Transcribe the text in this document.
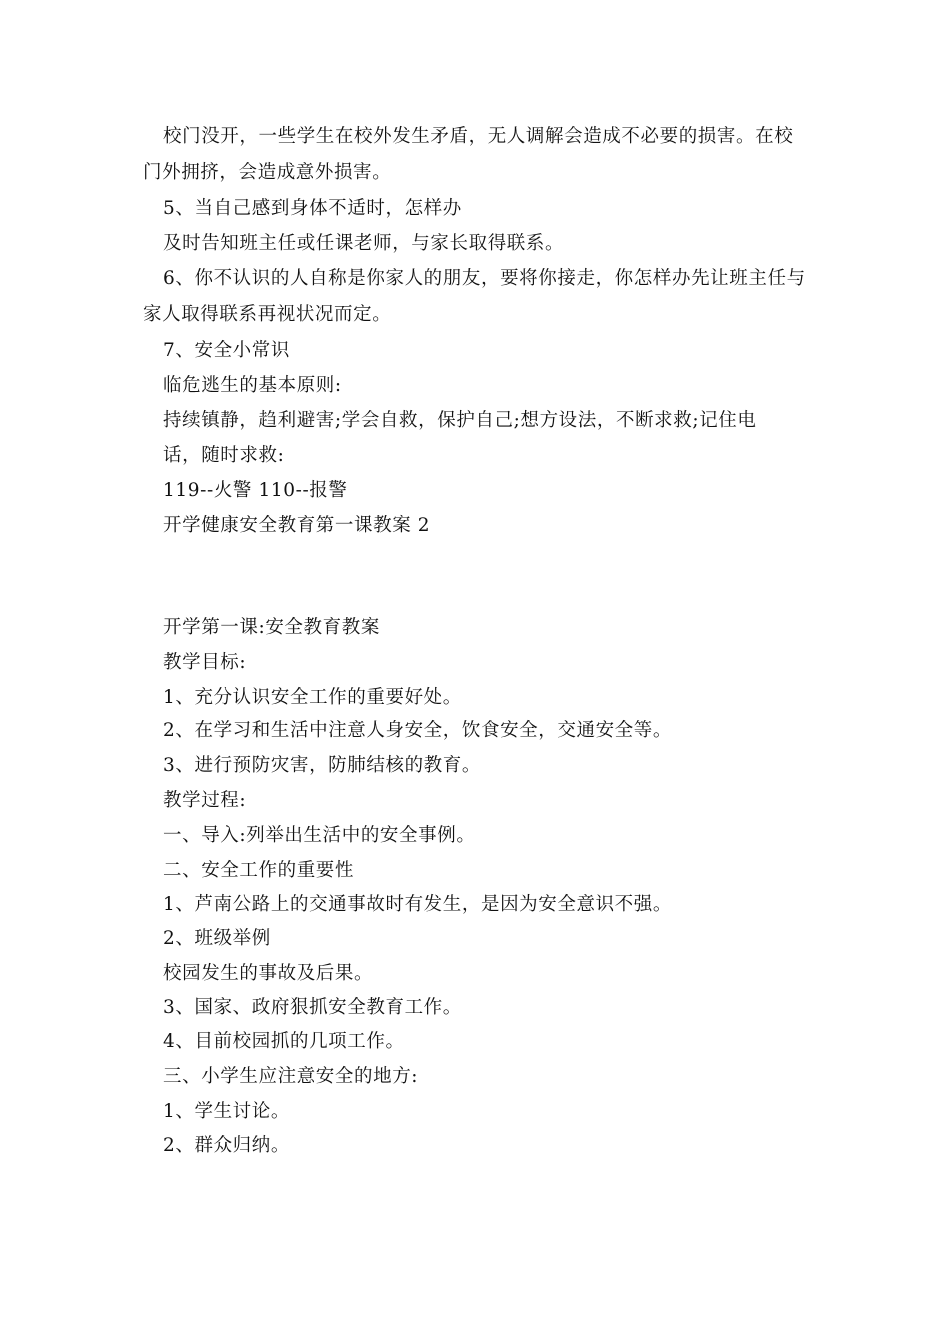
校门没开，一些学生在校外发生矛盾，无人调解会造成不必要的损害。在校
门外拥挤，会造成意外损害。
5、当自己感到身体不适时，怎样办
及时告知班主任或任课老师，与家长取得联系。
6、你不认识的人自称是你家人的朋友，要将你接走，你怎样办先让班主任与
家人取得联系再视状况而定。
7、安全小常识
临危逃生的基本原则:
持续镇静，趋利避害;学会自救，保护自己;想方设法，不断求救;记住电
话，随时求救:
119--火警 110--报警
开学健康安全教育第一课教案 2
开学第一课:安全教育教案
教学目标:
1、充分认识安全工作的重要好处。
2、在学习和生活中注意人身安全，饮食安全，交通安全等。
3、进行预防灾害，防肺结核的教育。
教学过程:
一、导入:列举出生活中的安全事例。
二、安全工作的重要性
1、芦南公路上的交通事故时有发生，是因为安全意识不强。
2、班级举例
校园发生的事故及后果。
3、国家、政府狠抓安全教育工作。
4、目前校园抓的几项工作。
三、小学生应注意安全的地方:
1、学生讨论。
2、群众归纳。
